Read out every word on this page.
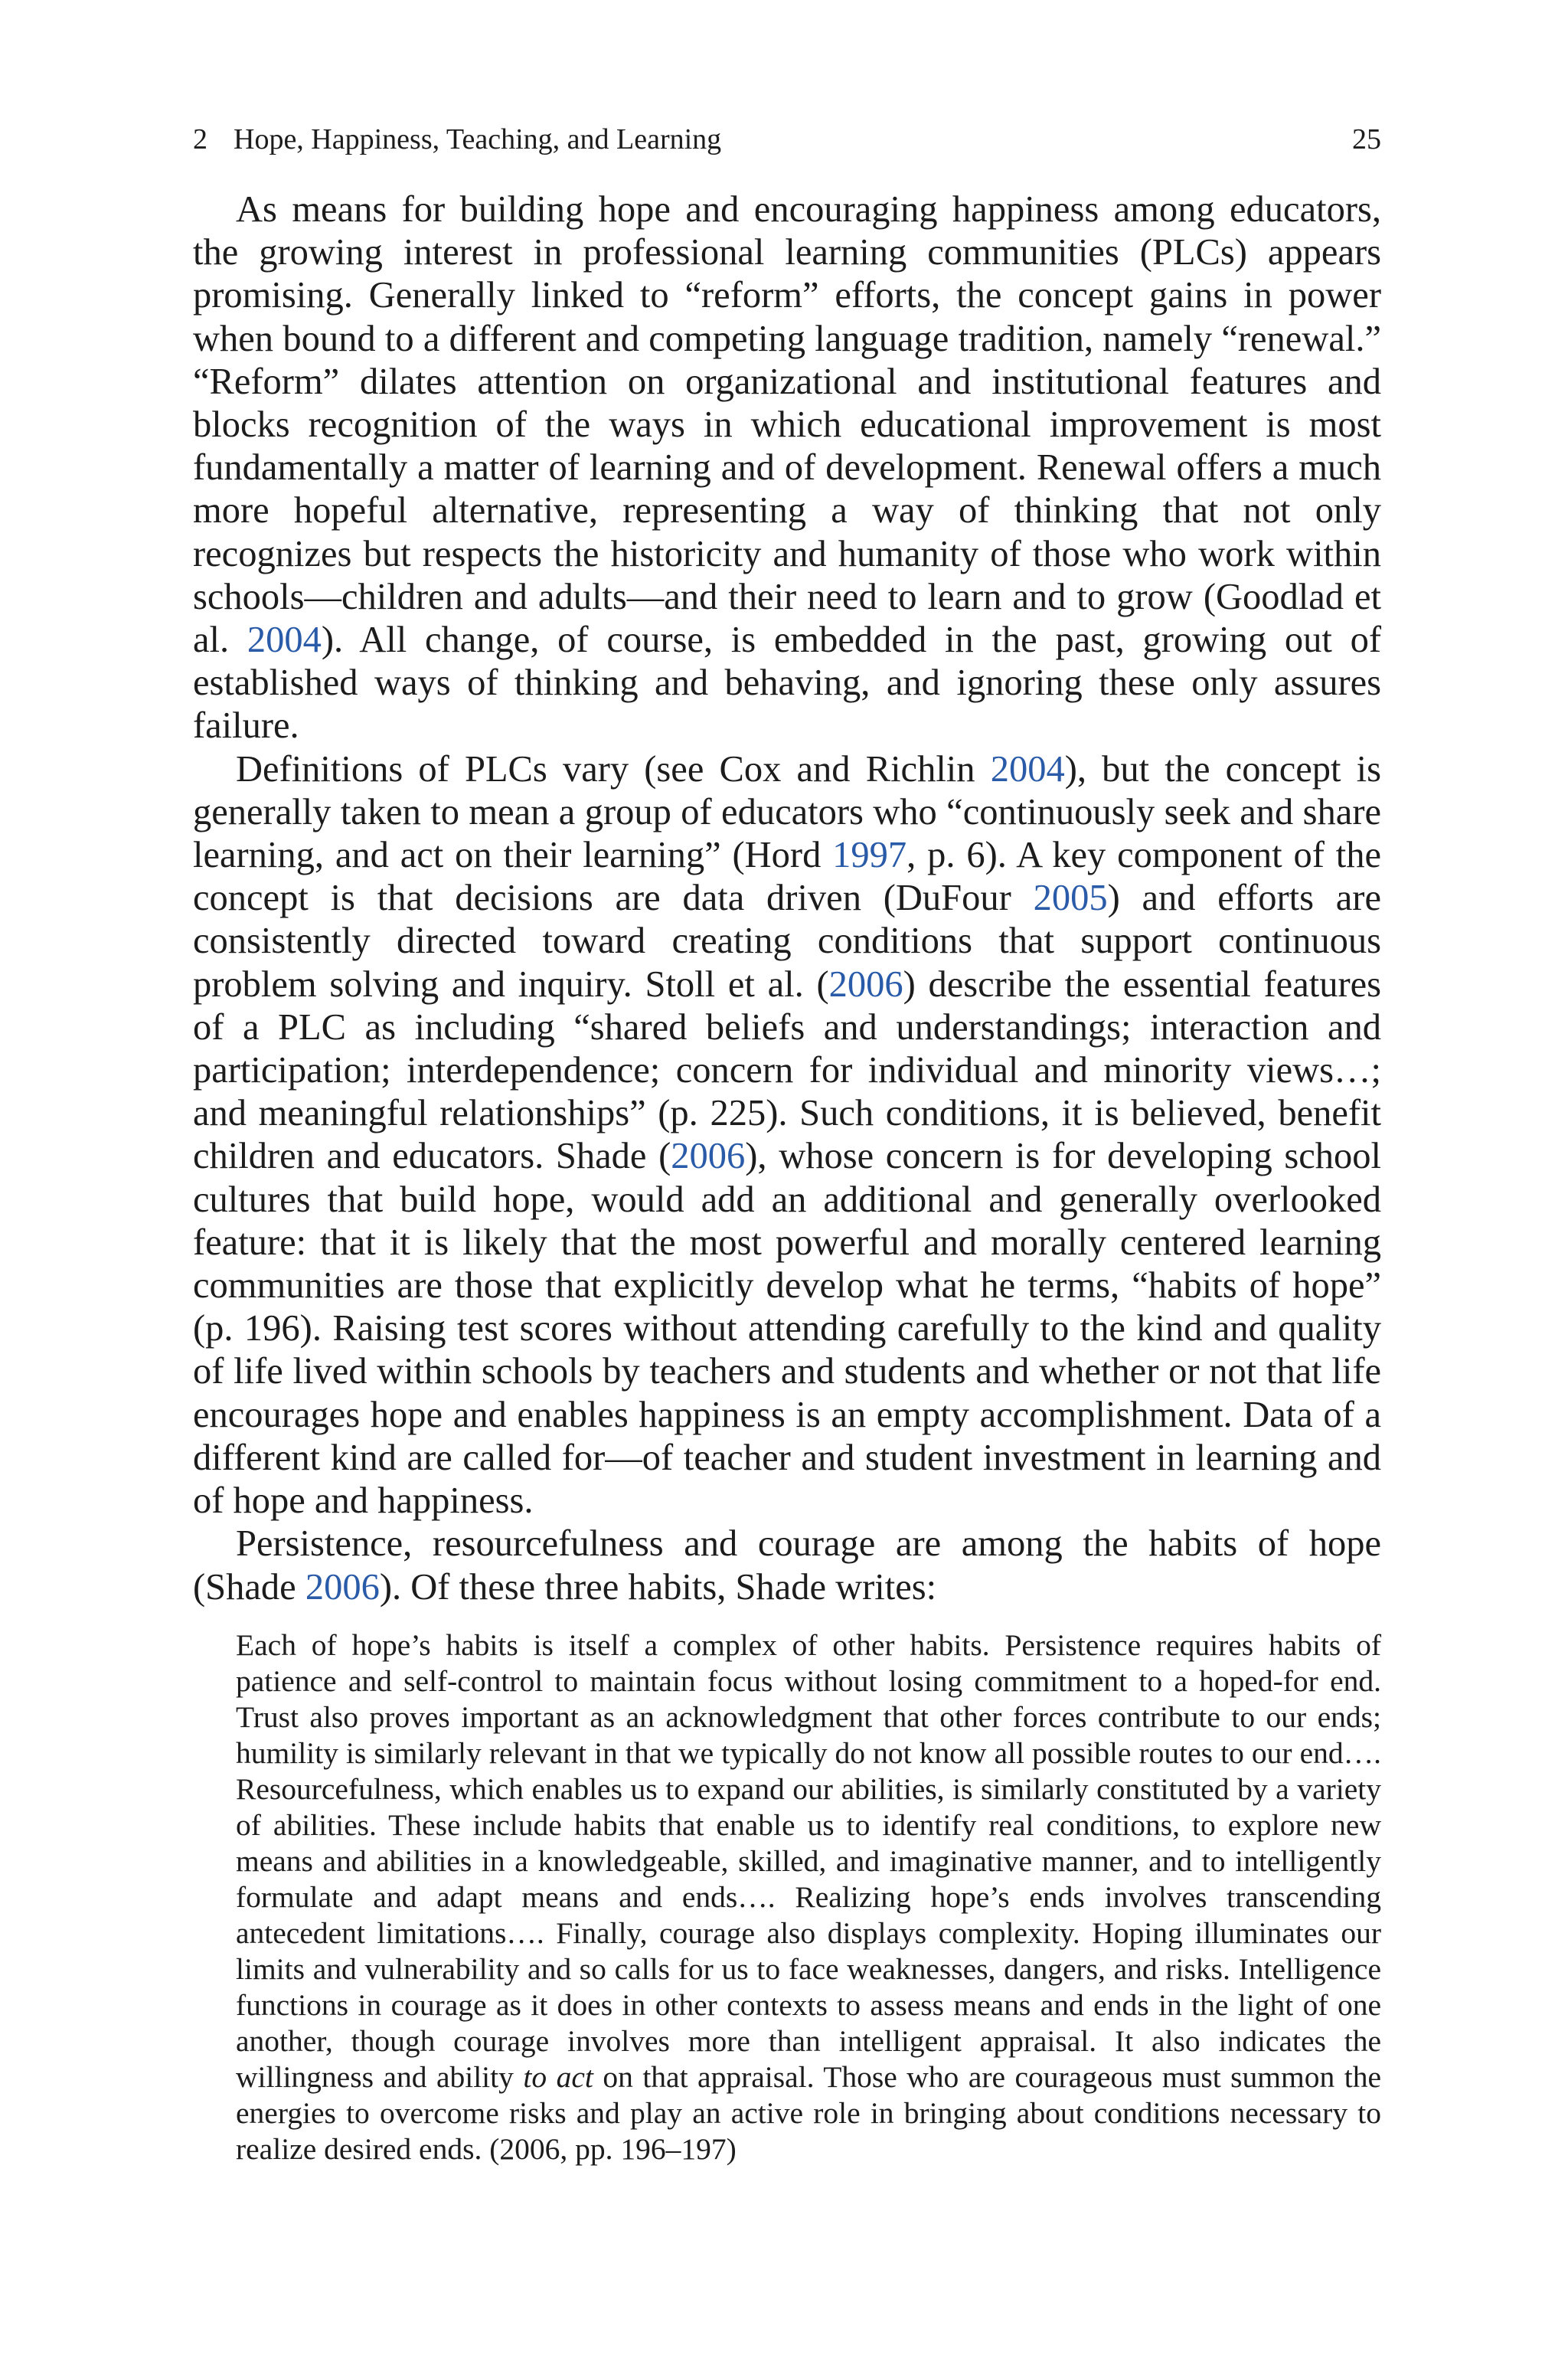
2 Hope, Happiness, Teaching, and Learning	25

As means for building hope and encouraging happiness among educators, the growing interest in professional learning communities (PLCs) appears promising. Generally linked to “reform” efforts, the concept gains in power when bound to a different and competing language tradition, namely “renewal.” “Reform” dilates attention on organizational and institutional features and blocks recognition of the ways in which educational improvement is most fundamentally a matter of learning and of development. Renewal offers a much more hopeful alternative, representing a way of thinking that not only recognizes but respects the historicity and humanity of those who work within schools—children and adults—and their need to learn and to grow (Goodlad et al. 2004). All change, of course, is embedded in the past, growing out of established ways of thinking and behaving, and ignoring these only assures failure.

Definitions of PLCs vary (see Cox and Richlin 2004), but the concept is generally taken to mean a group of educators who “continuously seek and share learning, and act on their learning” (Hord 1997, p. 6). A key component of the concept is that decisions are data driven (DuFour 2005) and efforts are consistently directed toward creating conditions that support continuous problem solving and inquiry. Stoll et al. (2006) describe the essential features of a PLC as including “shared beliefs and understandings; interaction and participation; interdependence; concern for individual and minority views…; and meaningful relationships” (p. 225). Such conditions, it is believed, benefit children and educators. Shade (2006), whose concern is for developing school cultures that build hope, would add an additional and generally overlooked feature: that it is likely that the most powerful and morally centered learning communities are those that explicitly develop what he terms, “habits of hope” (p. 196). Raising test scores without attending carefully to the kind and quality of life lived within schools by teachers and students and whether or not that life encourages hope and enables happiness is an empty accomplishment. Data of a different kind are called for—of teacher and student investment in learning and of hope and happiness.

Persistence, resourcefulness and courage are among the habits of hope (Shade 2006). Of these three habits, Shade writes:

Each of hope’s habits is itself a complex of other habits. Persistence requires habits of patience and self-control to maintain focus without losing commitment to a hoped-for end. Trust also proves important as an acknowledgment that other forces contribute to our ends; humility is similarly relevant in that we typically do not know all possible routes to our end…. Resourcefulness, which enables us to expand our abilities, is similarly constituted by a variety of abilities. These include habits that enable us to identify real conditions, to explore new means and abilities in a knowledgeable, skilled, and imaginative manner, and to intelligently formulate and adapt means and ends…. Realizing hope’s ends involves transcending antecedent limitations…. Finally, courage also displays complexity. Hoping illuminates our limits and vulnerability and so calls for us to face weaknesses, dangers, and risks. Intelligence functions in courage as it does in other contexts to assess means and ends in the light of one another, though courage involves more than intelligent appraisal. It also indicates the willingness and ability to act on that appraisal. Those who are courageous must summon the energies to overcome risks and play an active role in bringing about conditions necessary to realize desired ends. (2006, pp. 196–197)
